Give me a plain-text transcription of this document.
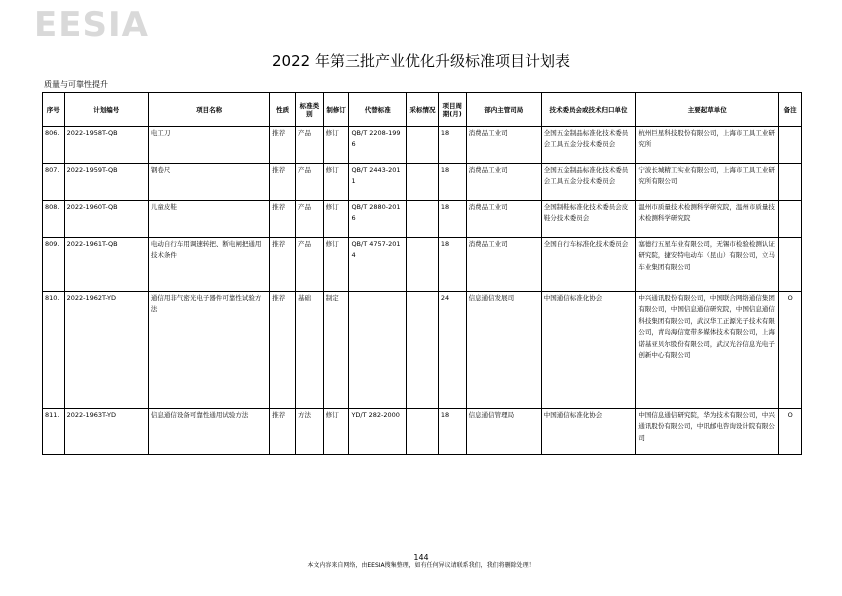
EESIA
2022 年第三批产业优化升级标准项目计划表
质量与可靠性提升
序号	计划编号	项目名称	性质	标准类别	制修订	代替标准	采标情况	项目周期(月)	部内主管司局	技术委员会或技术归口单位	主要起草单位	备注
806.	2022-1958T-QB	电工刀	推荐	产品	修订	QB/T 2208-1996		18	消费品工业司	全国五金制品标准化技术委员会工具五金分技术委员会	杭州巨星科技股份有限公司，上海市工具工业研究所	
807.	2022-1959T-QB	钢卷尺	推荐	产品	修订	QB/T 2443-2011		18	消费品工业司	全国五金制品标准化技术委员会工具五金分技术委员会	宁波长城精工实业有限公司，上海市工具工业研究所有限公司	
808.	2022-1960T-QB	儿童皮鞋	推荐	产品	修订	QB/T 2880-2016		18	消费品工业司	全国制鞋标准化技术委员会皮鞋分技术委员会	温州市质量技术检测科学研究院，温州市质量技术检测科学研究院	
809.	2022-1961T-QB	电动自行车用调速转把、断电闸把通用技术条件	推荐	产品	修订	QB/T 4757-2014		18	消费品工业司	全国自行车标准化技术委员会	塞德行五星车业有限公司，无锡市检验检测认证研究院，捷安特电动车（昆山）有限公司，立马车业集团有限公司	
810.	2022-1962T-YD	通信用非气密光电子器件可靠性试验方法	推荐	基础	制定			24	信息通信发展司	中国通信标准化协会	中兴通讯股份有限公司，中国联合网络通信集团有限公司，中国信息通信研究院，中国信息通信科技集团有限公司，武汉华工正源光子技术有限公司，青岛海信宽带多媒体技术有限公司，上海诺基亚贝尔股份有限公司，武汉光谷信息光电子创新中心有限公司	O
811.	2022-1963T-YD	信息通信设备可靠性通用试验方法	推荐	方法	修订	YD/T 282-2000		18	信息通信管理局	中国通信标准化协会	中国信息通信研究院，华为技术有限公司，中兴通讯股份有限公司，中讯邮电咨询设计院有限公司	O
144
本文内容来自网络，由EESIA搜集整理，如有任何异议请联系我们，我们将删除处理！
